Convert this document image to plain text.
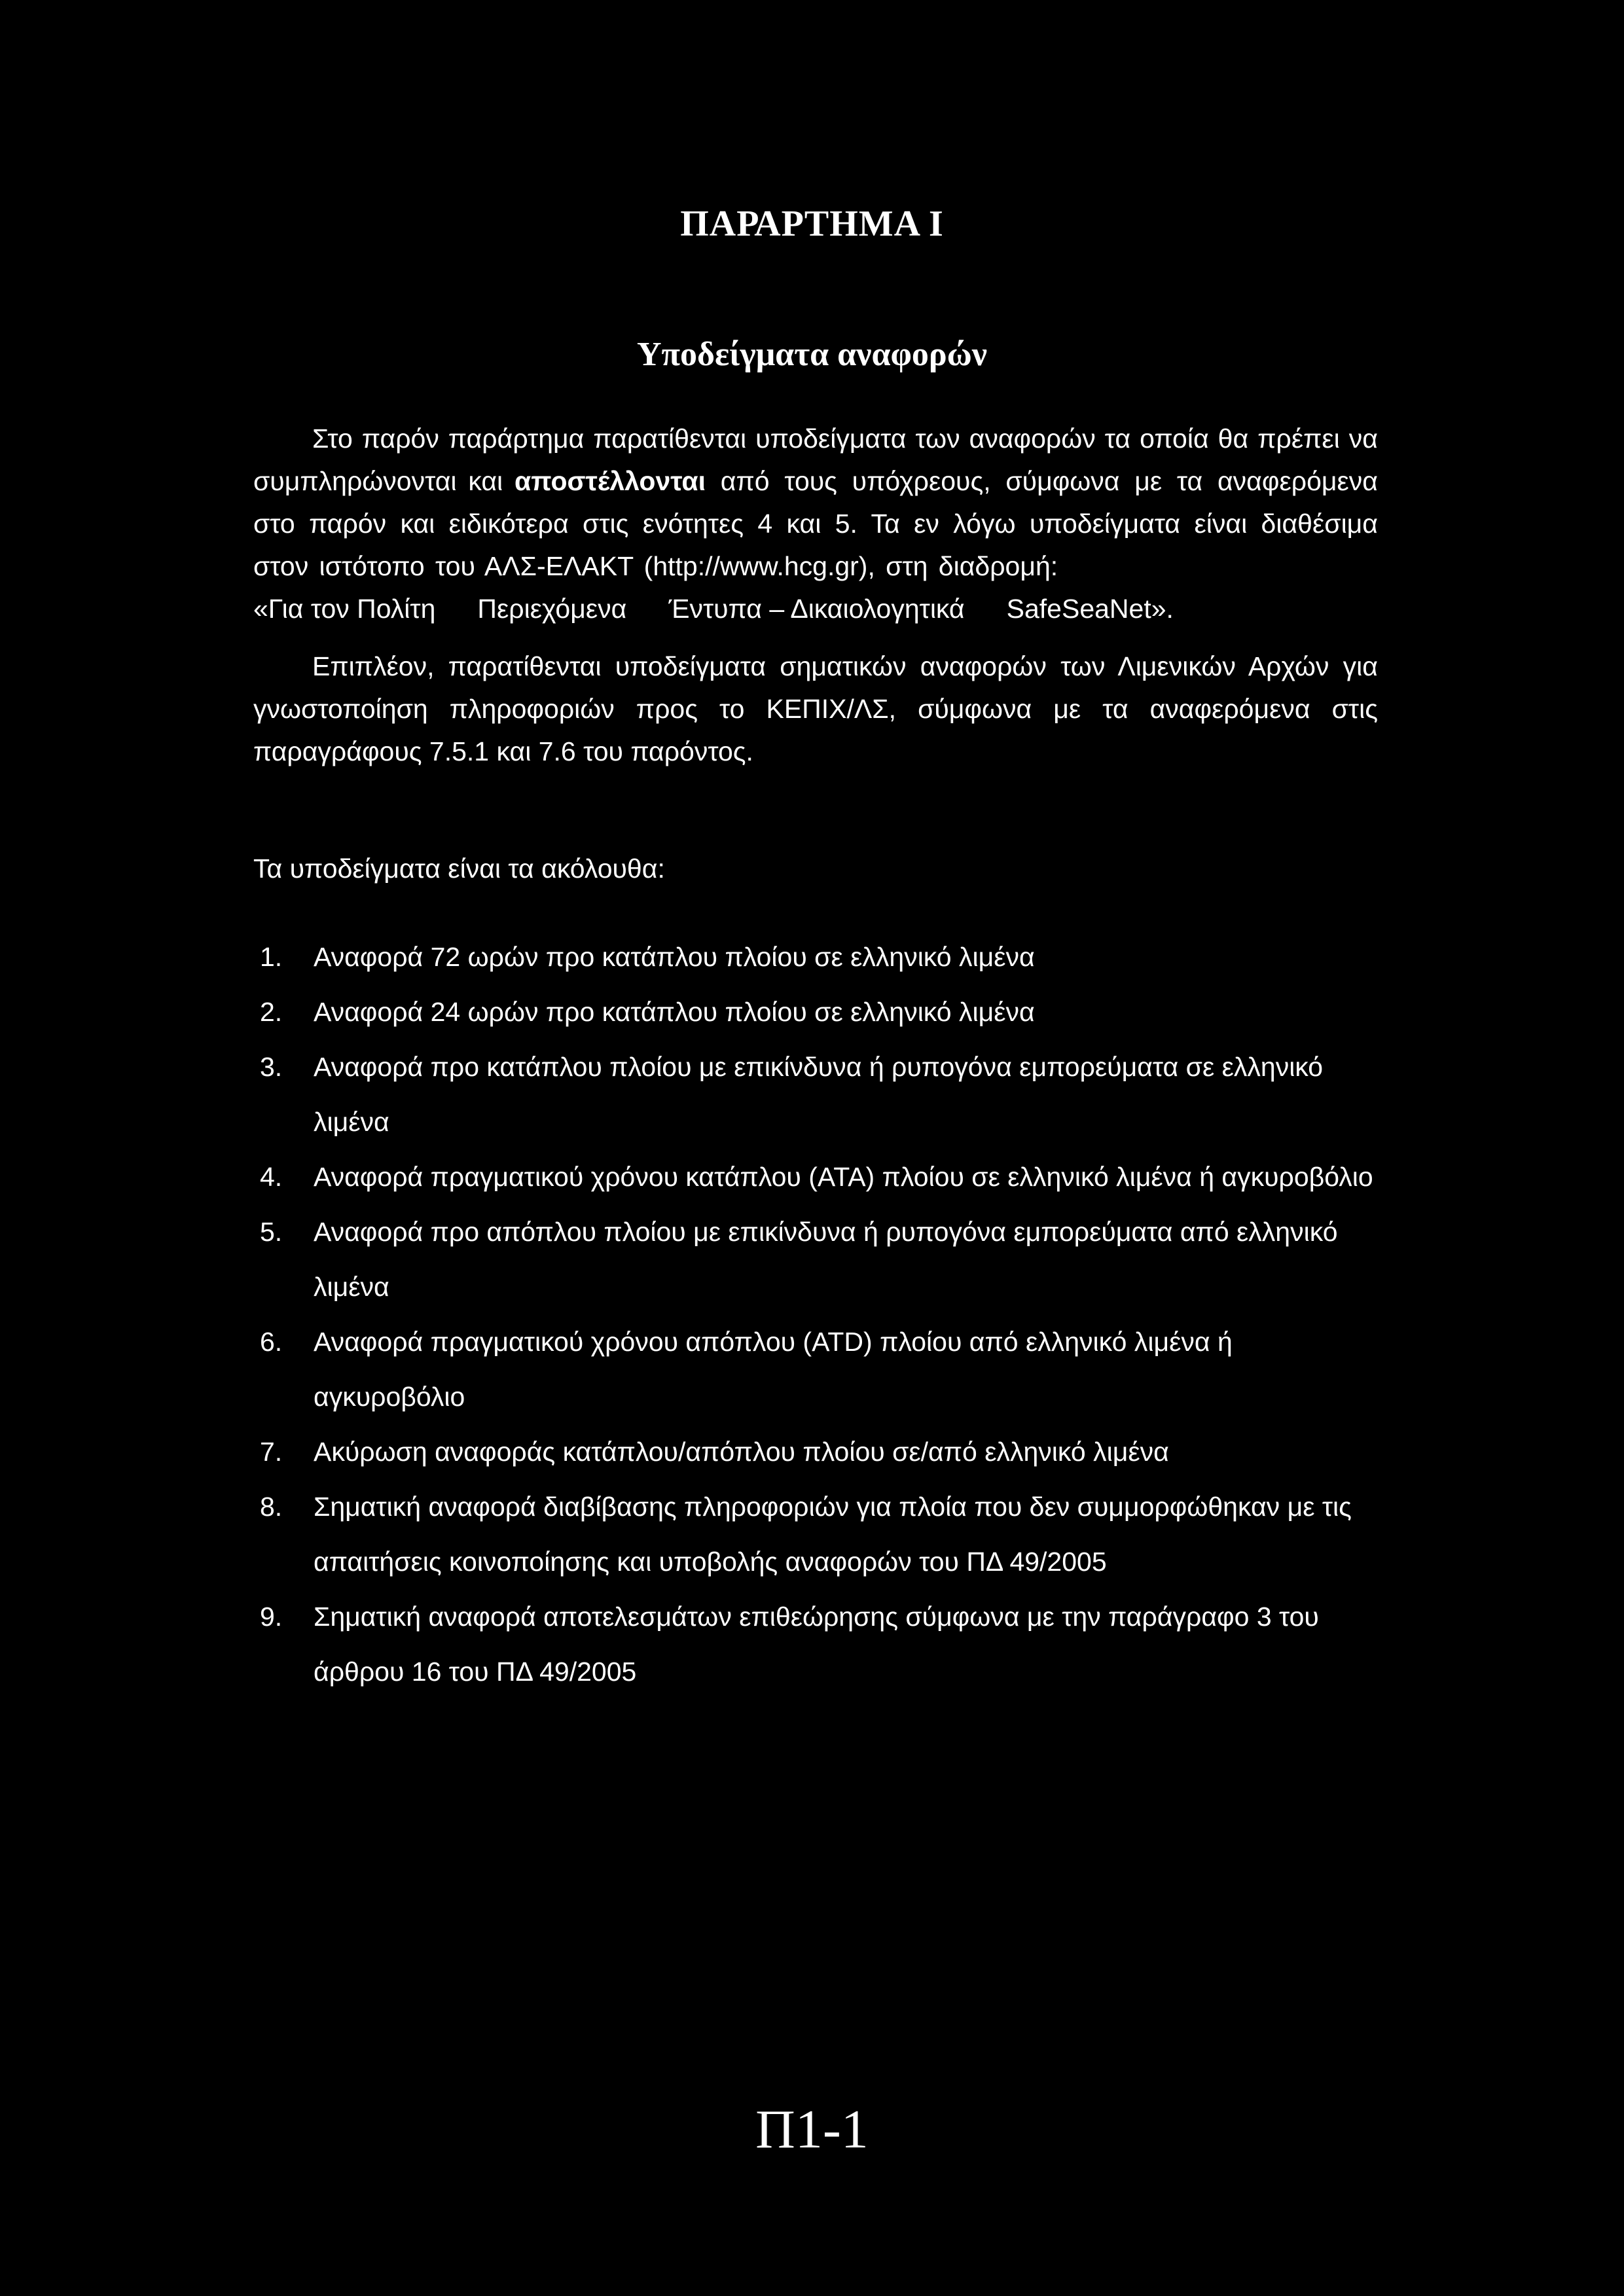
ΠΑΡΑΡΤΗΜΑ Ι
Υποδείγματα αναφορών

Στο παρόν παράρτημα παρατίθενται υποδείγματα των αναφορών τα οποία θα πρέπει να συμπληρώνονται και αποστέλλονται από τους υπόχρεους, σύμφωνα με τα αναφερόμενα στο παρόν και ειδικότερα στις ενότητες 4 και 5. Τα εν λόγω υποδείγματα είναι διαθέσιμα στον ιστότοπο του ΑΛΣ-ΕΛΑΚΤ (http://www.hcg.gr), στη διαδρομή:

«Για τον Πολίτη Περιεχόμενα Έντυπα – Δικαιολογητικά SafeSeaNet».

Επιπλέον, παρατίθενται υποδείγματα σηματικών αναφορών των Λιμενικών Αρχών για γνωστοποίηση πληροφοριών προς το ΚΕΠΙΧ/ΛΣ, σύμφωνα με τα αναφερόμενα στις παραγράφους 7.5.1 και 7.6 του παρόντος.

Τα υποδείγματα είναι τα ακόλουθα:
1. Αναφορά 72 ωρών προ κατάπλου πλοίου σε ελληνικό λιμένα
2. Αναφορά 24 ωρών προ κατάπλου πλοίου σε ελληνικό λιμένα
3. Αναφορά προ κατάπλου πλοίου με επικίνδυνα ή ρυπογόνα εμπορεύματα σε ελληνικό λιμένα
4. Αναφορά πραγματικού χρόνου κατάπλου (ΑΤΑ) πλοίου σε ελληνικό λιμένα ή αγκυροβόλιο
5. Αναφορά προ απόπλου πλοίου με επικίνδυνα ή ρυπογόνα εμπορεύματα από ελληνικό λιμένα
6. Αναφορά πραγματικού χρόνου απόπλου (ATD) πλοίου από ελληνικό λιμένα ή αγκυροβόλιο
7. Ακύρωση αναφοράς κατάπλου/απόπλου πλοίου σε/από ελληνικό λιμένα
8. Σηματική αναφορά διαβίβασης πληροφοριών για πλοία που δεν συμμορφώθηκαν με τις απαιτήσεις κοινοποίησης και υποβολής αναφορών του ΠΔ 49/2005
9. Σηματική αναφορά αποτελεσμάτων επιθεώρησης σύμφωνα με την παράγραφο 3 του άρθρου 16 του ΠΔ 49/2005
Π1-1
